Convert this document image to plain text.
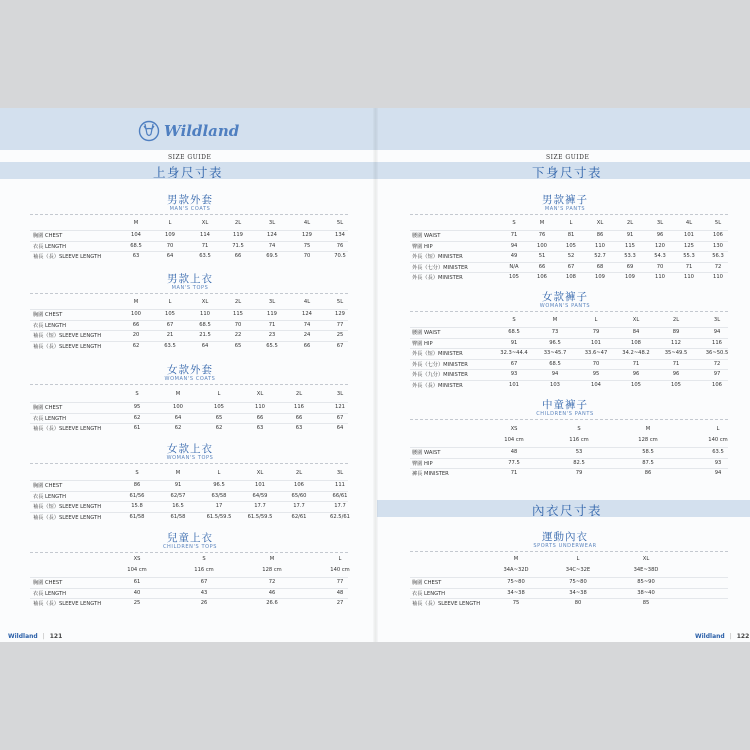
Wildland
SIZE GUIDE	SIZE GUIDE
上身尺寸表	下身尺寸表
內衣尺寸表
男款外套
MAN'S COATS
M	L	XL	2L	3L	4L	5L
胸圍 CHEST	104	109	114	119	124	129	134
衣長 LENGTH	68.5	70	71	71.5	74	75	76
袖長（長）SLEEVE LENGTH	63	64	63.5	66	69.5	70	70.5
男款上衣
MAN'S TOPS
M	L	XL	2L	3L	4L	5L
胸圍 CHEST	100	105	110	115	119	124	129
衣長 LENGTH	66	67	68.5	70	71	74	77
袖長（短）SLEEVE LENGTH	20	21	21.5	22	23	24	25
袖長（長）SLEEVE LENGTH	62	63.5	64	65	65.5	66	67
女款外套
WOMAN'S COATS
S	M	L	XL	2L	3L
胸圍 CHEST	95	100	105	110	116	121
衣長 LENGTH	62	64	65	66	66	67
袖長（長）SLEEVE LENGTH	61	62	62	63	63	64
女款上衣
WOMAN'S TOPS
S	M	L	XL	2L	3L
胸圍 CHEST	86	91	96.5	101	106	111
衣長 LENGTH	61/56	62/57	63/58	64/59	65/60	66/61
袖長（短）SLEEVE LENGTH	15.8	16.5	17	17.7	17.7	17.7
袖長（長）SLEEVE LENGTH	61/58	61/58	61.5/59.5	61.5/59.5	62/61	62.5/61
兒童上衣
CHILDREN'S TOPS
XS	S	M	L
104 cm	116 cm	128 cm	140 cm
胸圍 CHEST	61	67	72	77
衣長 LENGTH	40	43	46	48
袖長（長）SLEEVE LENGTH	25	26	26.6	27
男款褲子
MAN'S PANTS
S	M	L	XL	2L	3L	4L	5L
腰圍 WAIST	71	76	81	86	91	96	101	106
臀圍 HIP	94	100	105	110	115	120	125	130
外長（短）MINISTER	49	51	52	52.7	53.3	54.3	55.3	56.3
外長（七分）MINISTER	N/A	66	67	68	69	70	71	72
外長（長）MINISTER	105	106	108	109	109	110	110	110
女款褲子
WOMAN'S PANTS
S	M	L	XL	2L	3L
腰圍 WAIST	68.5	73	79	84	89	94
臀圍 HIP	91	96.5	101	108	112	116
外長（短）MINISTER	32.3~44.4	33~45.7	33.6~47	34.2~48.2	35~49.5	36~50.5
外長（七分）MINISTER	67	68.5	70	71	71	72
外長（九分）MINISTER	93	94	95	96	96	97
外長（長）MINISTER	101	103	104	105	105	106
中童褲子
CHILDREN'S PANTS
XS	S	M	L
104 cm	116 cm	128 cm	140 cm
腰圍 WAIST	48	53	58.5	63.5
臀圍 HIP	77.5	82.5	87.5	93
褲長 MINISTER	71	79	86	94
運動內衣
SPORTS UNDERWEAR
M	L	XL
34A~32D	34C~32E	34E~38D
胸圍 CHEST	75~80	75~80	85~90
衣長 LENGTH	34~38	34~38	38~40
袖長（長）SLEEVE LENGTH	75	80	85
Wildland | 121	Wildland | 122
